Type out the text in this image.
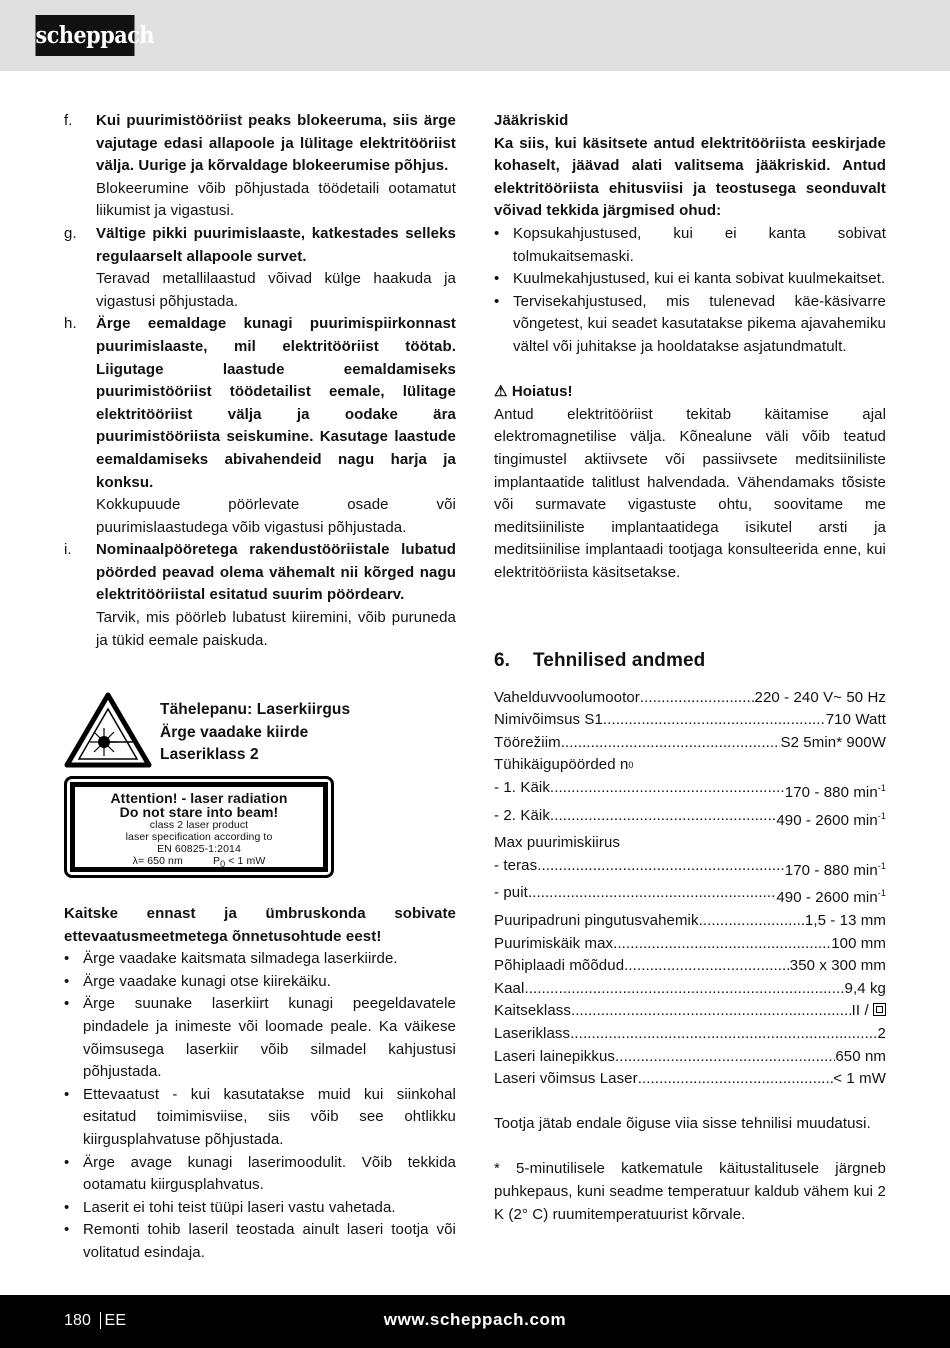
scheppach
f.	Kui puurimistööriist peaks blokeeruma, siis ärge vajutage edasi allapoole ja lülitage elektritööriist välja. Uurige ja kõrvaldage blokeerumise põhjus.
Blokeerumine võib põhjustada töödetaili ootamatut liikumist ja vigastusi.
g.	Vältige pikki puurimislaaste, katkestades selleks regulaarselt allapoole survet.
Teravad metallilaastud võivad külge haakuda ja vigastusi põhjustada.
h.	Ärge eemaldage kunagi puurimispiirkonnast puurimislaaste, mil elektritööriist töötab. Liigutage laastude eemaldamiseks puurimistööriist töödetailist eemale, lülitage elektritööriist välja ja oodake ära puurimistööriista seiskumine. Kasutage laastude eemaldamiseks abivahendeid nagu harja ja konksu.
Kokkupuude pöörlevate osade või puurimislaastudega võib vigastusi põhjustada.
i.	Nominaalpööretega rakendustööriistale lubatud pöörded peavad olema vähemalt nii kõrged nagu elektritööriistal esitatud suurim pöördearv.
Tarvik, mis pöörleb lubatust kiiremini, võib puruneda ja tükid eemale paiskuda.
Tähelepanu: Laserkiirgus
Ärge vaadake kiirde
Laseriklass 2
Attention! - laser radiation
Do not stare into beam!
class 2 laser product
laser specification according to
EN 60825-1:2014
λ= 650 nm	$P_0 < 1$ mW
Kaitske ennast ja ümbruskonda sobivate ettevaatusmeetmetega õnnetusohtude eest!
• Ärge vaadake kaitsmata silmadega laserkiirde.
• Ärge vaadake kunagi otse kiirekäiku.
• Ärge suunake laserkiirt kunagi peegeldavatele pindadele ja inimeste või loomade peale. Ka väikese võimsusega laserkiir võib silmadel kahjustusi põhjustada.
• Ettevaatust - kui kasutatakse muid kui siinkohal esitatud toimimisviise, siis võib see ohtlikku kiirgusplahvatuse põhjustada.
• Ärge avage kunagi laserimoodulit. Võib tekkida ootamatu kiirgusplahvatus.
• Laserit ei tohi teist tüüpi laseri vastu vahetada.
• Remonti tohib laseril teostada ainult laseri tootja või volitatud esindaja.
Jääkriskid
Ka siis, kui käsitsete antud elektritööriista eeskirjade kohaselt, jäävad alati valitsema jääkriskid. Antud elektritööriista ehitusviisi ja teostusega seonduvalt võivad tekkida järgmised ohud:
• Kopsukahjustused, kui ei kanta sobivat tolmukaitsemaski.
• Kuulmekahjustused, kui ei kanta sobivat kuulmekaitset.
• Tervisekahjustused, mis tulenevad käe-käsivarre võngetest, kui seadet kasutatakse pikema ajavahemiku vältel või juhitakse ja hooldatakse asjatundmatult.
⚠ Hoiatus!
Antud elektritööriist tekitab käitamise ajal elektromagnetilise välja. Kõnealune väli võib teatud tingimustel aktiivsete või passiivsete meditsiiniliste implantaatide talitlust halvendada. Vähendamaks tõsiste või surmavate vigastuste ohtu, soovitame me meditsiiniliste implantaatidega isikutel arsti ja meditsiinilise implantaadi tootjaga konsulteerida enne, kui elektritööriista käsitsetakse.
6.	Tehnilised andmed
Vahelduvvoolumootor .....	220 - 240 V~ 50 Hz
Nimivõimsus S1 .....	710 Watt
Töörežiim .....	S2 5min* 900W
Tühikäigupöörded n 0
- 1. Käik .....	170 - 880 $\min^{-1}$
- 2. Käik .....	490 - 2600 $\min^{-1}$
Max puurimiskiirus
- teras .....	170 - 880 $\min^{-1}$
- puit .....	490 - 2600 $\min^{-1}$
Puuripadruni pingutusvahemik .....	1,5 - 13 mm
Puurimiskäik max .....	100 mm
Põhiplaadi mõõdud .....	350 x 300 mm
Kaal .....	9,4 kg
Kaitseklass .....	II /
Laseriklass .....	2
Laseri lainepikkus .....	650 nm
Laseri võimsus Laser .....	< 1 mW
Tootja jätab endale õiguse viia sisse tehnilisi muudatusi.
* 5-minutilisele katkematule käitustalitusele järgneb puhkepaus, kuni seadme temperatuur kaldub vähem kui 2 K (2° C) ruumitemperatuurist kõrvale.
180 EE	www.scheppach.com
